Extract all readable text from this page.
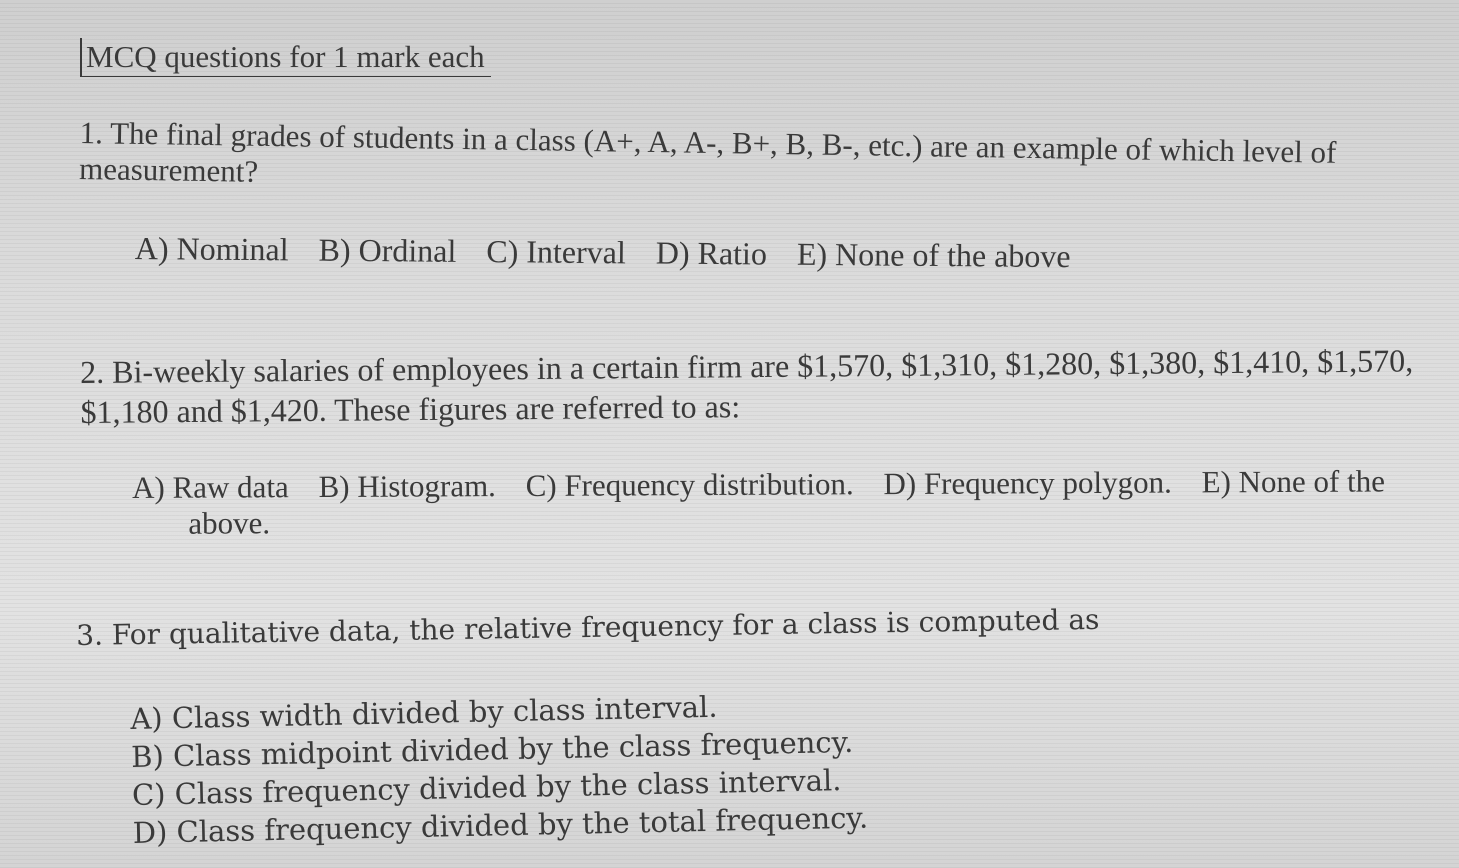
MCQ questions for 1 mark each
1. The final grades of students in a class (A+, A, A-, B+, B, B-, etc.) are an example of which level of measurement?
A) Nominal B) Ordinal C) Interval D) Ratio E) None of the above
2. Bi-weekly salaries of employees in a certain firm are $1,570, $1,310, $1,280, $1,380, $1,410, $1,570, $1,180 and $1,420. These figures are referred to as:
A) Raw data B) Histogram. C) Frequency distribution. D) Frequency polygon. E) None of the
above.
3. For qualitative data, the relative frequency for a class is computed as
A) Class width divided by class interval.
B) Class midpoint divided by the class frequency.
C) Class frequency divided by the class interval.
D) Class frequency divided by the total frequency.
